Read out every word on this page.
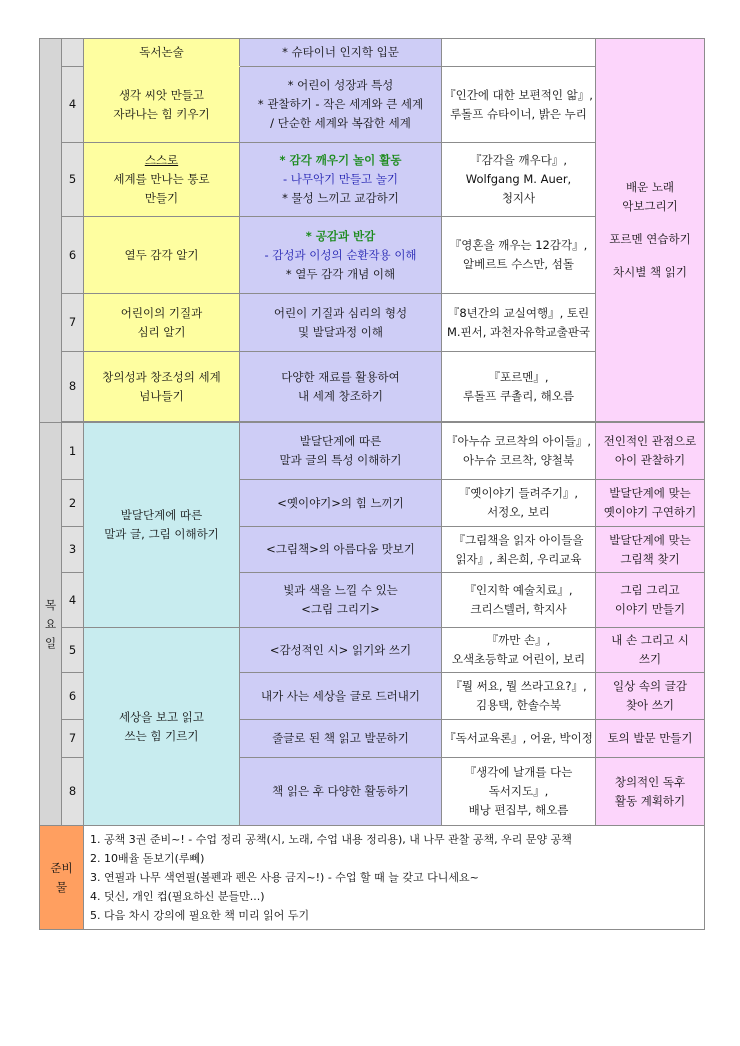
		독서논술	* 슈타이너 인지학 입문		배운 노래
악보그리기
포르멘 연습하기
차시별 책 읽기

	4	생각 씨앗 만들고
자라나는 힘 키우기	* 어린이 성장과 특성
* 관찰하기 - 작은 세계와 큰 세계
/ 단순한 세계와 복잡한 세계	『인간에 대한 보편적인 앎』,
루돌프 슈타이너, 밝은 누리	

	5	스스로
세계를 만나는 통로
만들기	* 감각 깨우기 놀이 활동
- 나무악기 만들고 놀기
* 물성 느끼고 교감하기	『감각을 깨우다』,
Wolfgang M. Auer,
청지사	

	6	열두 감각 알기	* 공감과 반감
- 감성과 이성의 순환작용 이해
* 열두 감각 개념 이해	『영혼을 깨우는 12감각』,
알베르트 수스만, 섬돌	

	7	어린이의 기질과
심리 알기	어린이 기질과 심리의 형성
및 발달과정 이해	『8년간의 교실여행』, 토린
M.핀서, 과천자유학교출판국	

	8	창의성과 창조성의 세계
넘나들기	다양한 재료를 활용하여
내 세계 창조하기	『포르멘』,
루돌프 쿠촐리, 해오름	

목
요
일	1	발달단계에 따른
말과 글, 그림 이해하기	발달단계에 따른
말과 글의 특성 이해하기	『아누슈 코르착의 아이들』,
아누슈 코르착, 양철북	전인적인 관점으로
아이 관찰하기

	2		<옛이야기>의 힘 느끼기	『옛이야기 들려주기』,
서정오, 보리	발달단계에 맞는
옛이야기 구연하기

	3		<그림책>의 아름다움 맛보기	『그림책을 읽자 아이들을
읽자』, 최은희, 우리교육	발달단계에 맞는
그림책 찾기

	4		빛과 색을 느낄 수 있는
<그림 그리기>	『인지학 예술치료』,
크리스텔러, 학지사	그림 그리고
이야기 만들기

	5	세상을 보고 읽고
쓰는 힘 기르기	<감성적인 시> 읽기와 쓰기	『까만 손』,
오색초등학교 어린이, 보리	내 손 그리고 시
쓰기

	6		내가 사는 세상을 글로 드러내기	『뭘 써요, 뭘 쓰라고요?』,
김용택, 한솔수북	일상 속의 글감
찾아 쓰기

	7		줄글로 된 책 읽고 발문하기	『독서교육론』, 어윤, 박이정	토의 발문 만들기

	8		책 읽은 후 다양한 활동하기	『생각에 날개를 다는
독서지도』,
배낭 편집부, 해오름	창의적인 독후
활동 계획하기

준비
물		1. 공책 3권 준비~! - 수업 정리 공책(시, 노래, 수업 내용 정리용), 내 나무 관찰 공책, 우리 문양 공책
2. 10배율 돋보기(루뻬)
3. 연필과 나무 색연필(볼펜과 펜은 사용 금지~!) - 수업 할 때 늘 갖고 다니세요~
4. 덧신, 개인 컵(필요하신 분들만...)
5. 다음 차시 강의에 필요한 책 미리 읽어 두기			
